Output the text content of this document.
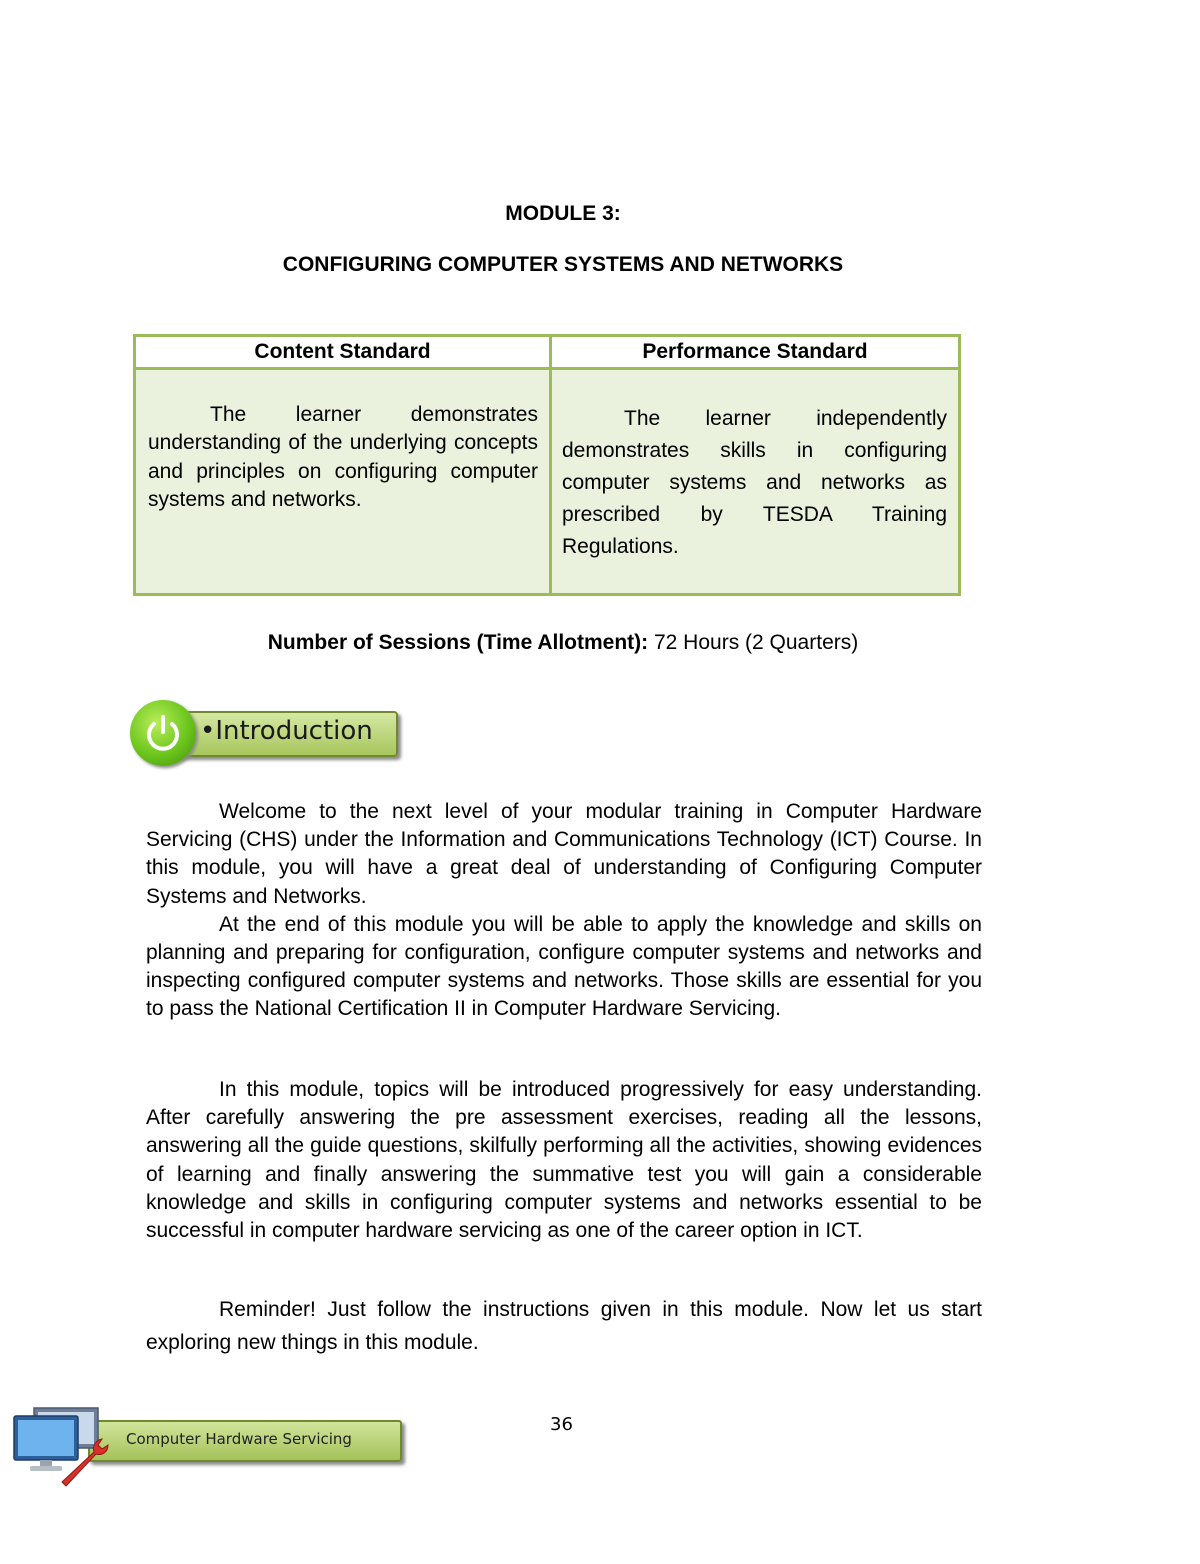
MODULE 3:
CONFIGURING COMPUTER SYSTEMS AND NETWORKS
Content Standard	Performance Standard
The learner demonstrates understanding of the underlying concepts and principles on configuring computer systems and networks.
The learner independently demonstrates skills in configuring computer systems and networks as prescribed by TESDA Training Regulations.
Number of Sessions (Time Allotment): 72 Hours (2 Quarters)
•Introduction

Welcome to the next level of your modular training in Computer Hardware Servicing (CHS) under the Information and Communications Technology (ICT) Course. In this module, you will have a great deal of understanding of Configuring Computer Systems and Networks.

At the end of this module you will be able to apply the knowledge and skills on planning and preparing for configuration, configure computer systems and networks and inspecting configured computer systems and networks. Those skills are essential for you to pass the National Certification II in Computer Hardware Servicing.

In this module, topics will be introduced progressively for easy understanding. After carefully answering the pre assessment exercises, reading all the lessons, answering all the guide questions, skilfully performing all the activities, showing evidences of learning and finally answering the summative test you will gain a considerable knowledge and skills in configuring computer systems and networks essential to be successful in computer hardware servicing as one of the career option in ICT.

Reminder! Just follow the instructions given in this module. Now let us start exploring new things in this module.

36
Computer Hardware Servicing
